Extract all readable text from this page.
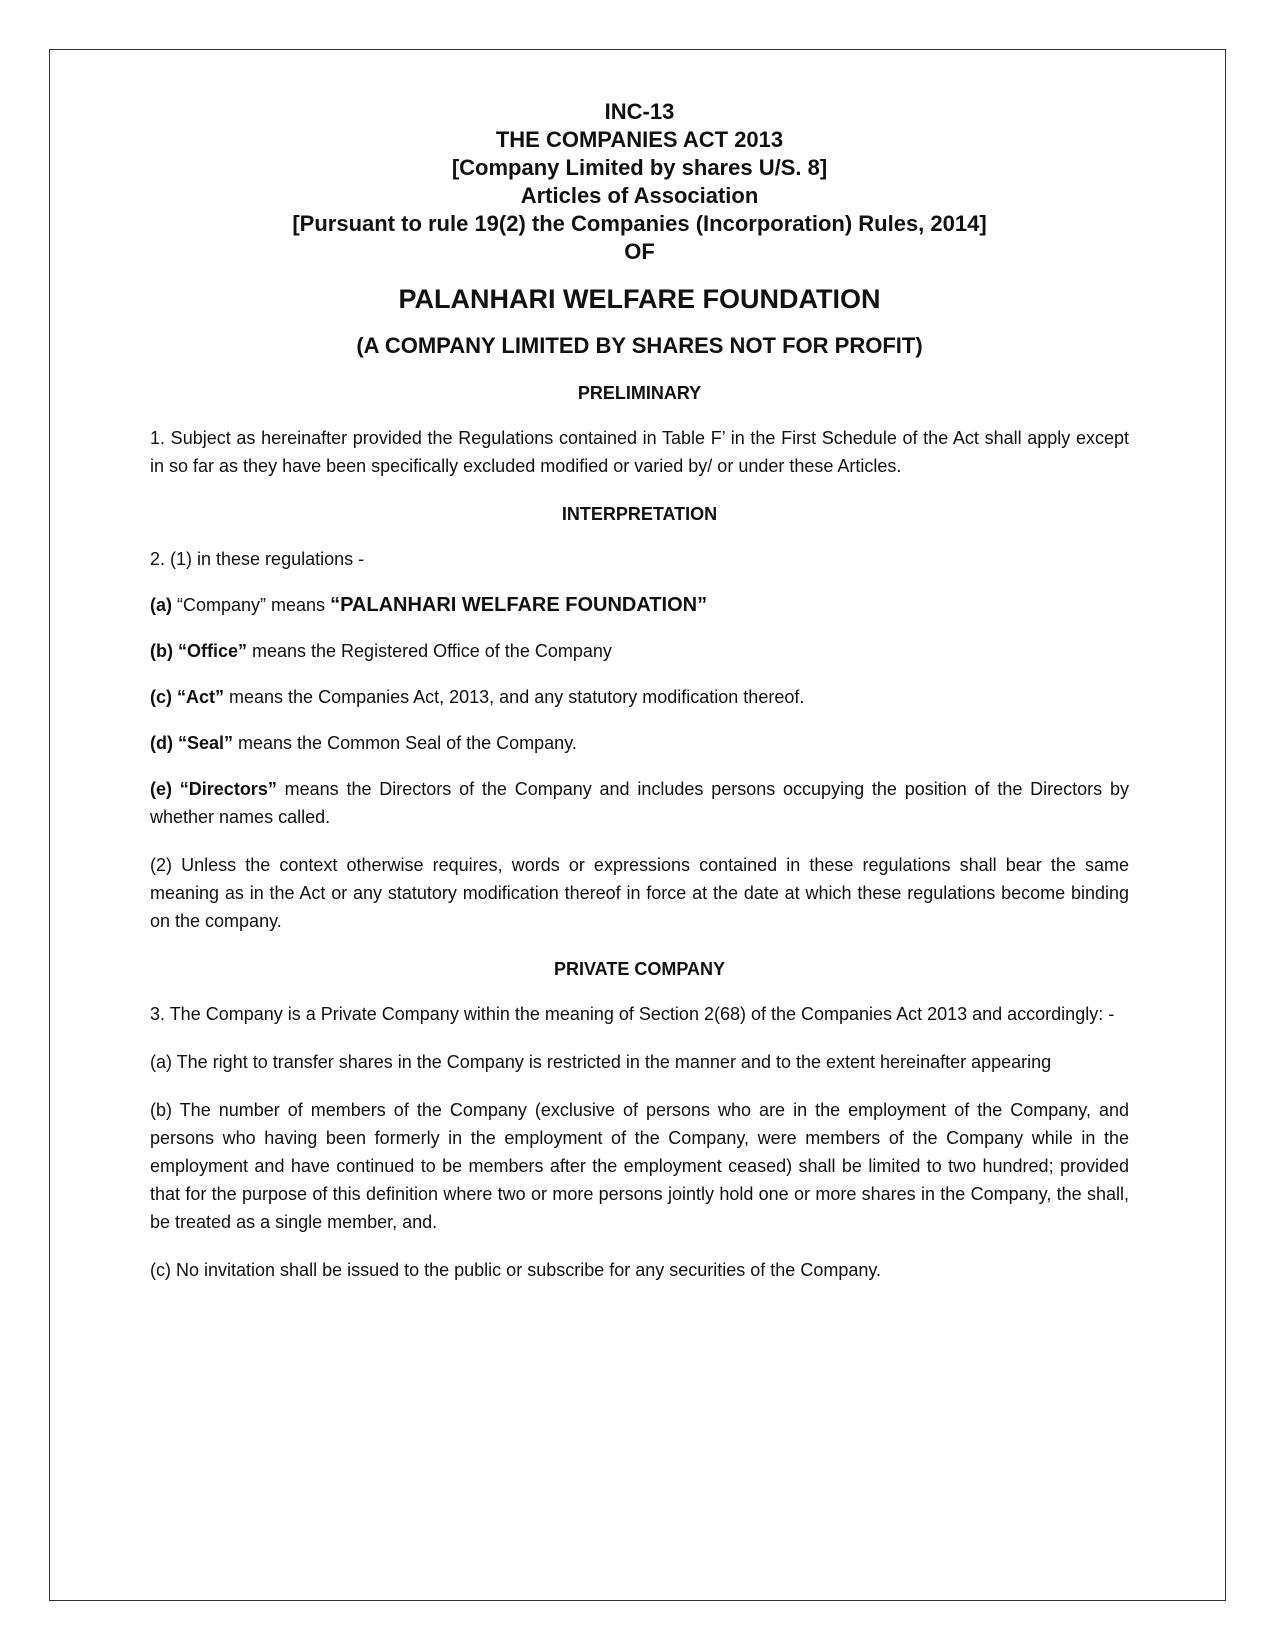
INC-13

THE COMPANIES ACT 2013

[Company Limited by shares U/S. 8]

Articles of Association

[Pursuant to rule 19(2) the Companies (Incorporation) Rules, 2014]

OF

PALANHARI WELFARE FOUNDATION

(A COMPANY LIMITED BY SHARES NOT FOR PROFIT)

PRELIMINARY

1. Subject as hereinafter provided the Regulations contained in Table F’ in the First Schedule of the Act shall apply except in so far as they have been specifically excluded modified or varied by/ or under these Articles.

INTERPRETATION

2. (1) in these regulations -

(a) “Company” means “PALANHARI WELFARE FOUNDATION”

(b) “Office” means the Registered Office of the Company

(c) “Act” means the Companies Act, 2013, and any statutory modification thereof.

(d) “Seal” means the Common Seal of the Company.

(e) “Directors” means the Directors of the Company and includes persons occupying the position of the Directors by whether names called.

(2) Unless the context otherwise requires, words or expressions contained in these regulations shall bear the same meaning as in the Act or any statutory modification thereof in force at the date at which these regulations become binding on the company.

PRIVATE COMPANY

3. The Company is a Private Company within the meaning of Section 2(68) of the Companies Act 2013 and accordingly: -

(a) The right to transfer shares in the Company is restricted in the manner and to the extent hereinafter appearing

(b) The number of members of the Company (exclusive of persons who are in the employment of the Company, and persons who having been formerly in the employment of the Company, were members of the Company while in the employment and have continued to be members after the employment ceased) shall be limited to two hundred; provided that for the purpose of this definition where two or more persons jointly hold one or more shares in the Company, the shall, be treated as a single member, and.

(c) No invitation shall be issued to the public or subscribe for any securities of the Company.
